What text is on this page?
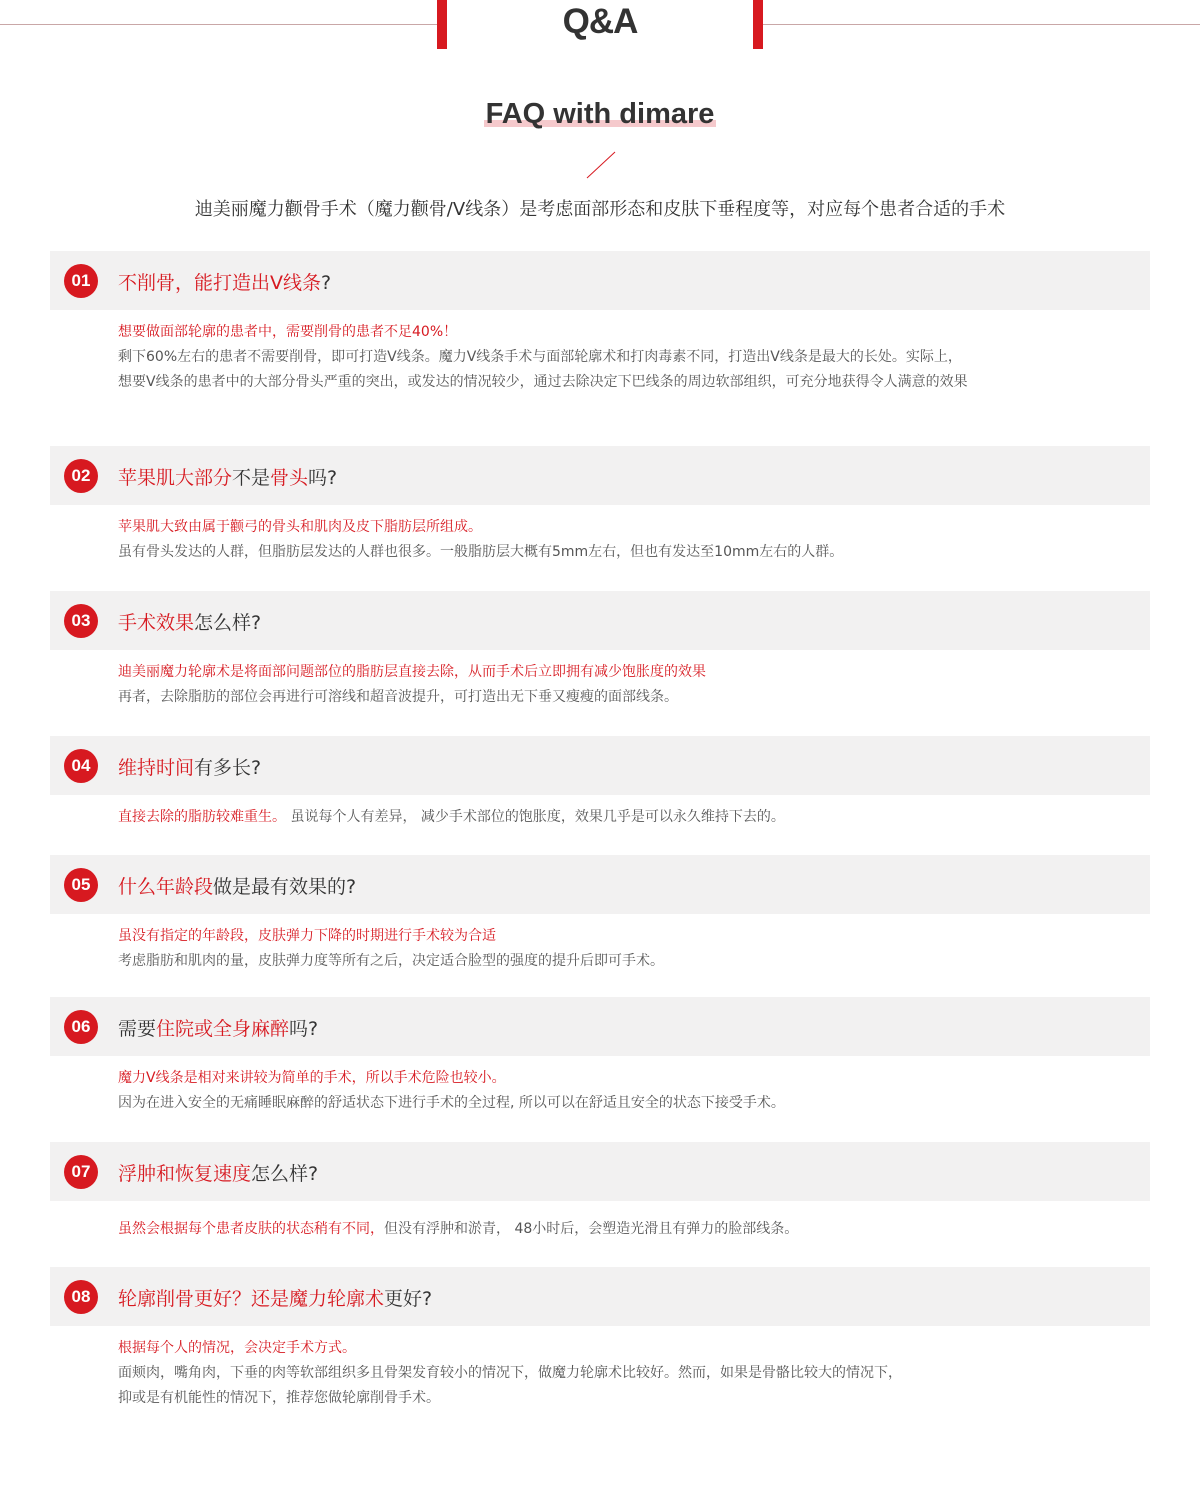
Q&A
FAQ with dimare
迪美丽魔力颧骨手术（魔力颧骨/V线条）是考虑面部形态和皮肤下垂程度等，对应每个患者合适的手术
01	不削骨，能打造出V线条?
想要做面部轮廓的患者中，需要削骨的患者不足40%！
剩下60%左右的患者不需要削骨，即可打造V线条。魔力V线条手术与面部轮廓术和打肉毒素不同，打造出V线条是最大的长处。实际上，
想要V线条的患者中的大部分骨头严重的突出，或发达的情况较少，通过去除决定下巴线条的周边软部组织，可充分地获得令人满意的效果
02	苹果肌大部分不是骨头吗?
苹果肌大致由属于颧弓的骨头和肌肉及皮下脂肪层所组成。
虽有骨头发达的人群，但脂肪层发达的人群也很多。一般脂肪层大概有5mm左右，但也有发达至10mm左右的人群。
03	手术效果怎么样?
迪美丽魔力轮廓术是将面部问题部位的脂肪层直接去除，从而手术后立即拥有减少饱胀度的效果
再者，去除脂肪的部位会再进行可溶线和超音波提升，可打造出无下垂又瘦瘦的面部线条。
04	维持时间有多长?
直接去除的脂肪较难重生。 虽说每个人有差异， 减少手术部位的饱胀度，效果几乎是可以永久维持下去的。
05	什么年龄段做是最有效果的?
虽没有指定的年龄段，皮肤弹力下降的时期进行手术较为合适
考虑脂肪和肌肉的量，皮肤弹力度等所有之后，决定适合脸型的强度的提升后即可手术。
06	需要住院或全身麻醉吗?
魔力V线条是相对来讲较为简单的手术，所以手术危险也较小。
因为在进入安全的无痛睡眠麻醉的舒适状态下进行手术的全过程, 所以可以在舒适且安全的状态下接受手术。
07	浮肿和恢复速度怎么样?
虽然会根据每个患者皮肤的状态稍有不同，但没有浮肿和淤青， 48小时后，会塑造光滑且有弹力的脸部线条。
08	轮廓削骨更好？还是魔力轮廓术更好?
根据每个人的情况，会决定手术方式。
面颊肉，嘴角肉，下垂的肉等软部组织多且骨架发育较小的情况下，做魔力轮廓术比较好。然而，如果是骨骼比较大的情况下，
抑或是有机能性的情况下，推荐您做轮廓削骨手术。
